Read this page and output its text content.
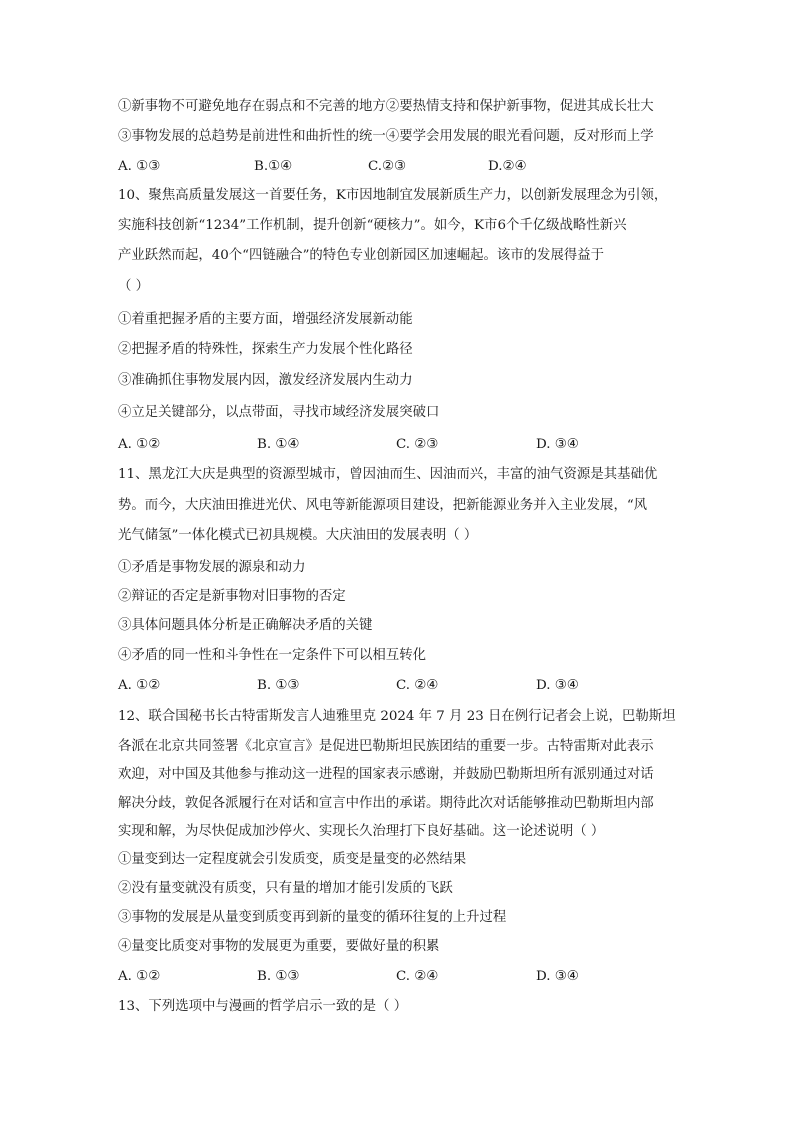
①新事物不可避免地存在弱点和不完善的地方②要热情支持和保护新事物，促进其成长壮大
③事物发展的总趋势是前进性和曲折性的统一④要学会用发展的眼光看问题，反对形而上学
A. ①③	B.①④	C.②③	D.②④
10、聚焦高质量发展这一首要任务，K市因地制宜发展新质生产力，以创新发展理念为引领，
实施科技创新“1234”工作机制，提升创新“硬核力”。如今，K市6个千亿级战略性新兴
产业跃然而起，40个“四链融合”的特色专业创新园区加速崛起。该市的发展得益于
（ ）
①着重把握矛盾的主要方面，增强经济发展新动能
②把握矛盾的特殊性，探索生产力发展个性化路径
③准确抓住事物发展内因，激发经济发展内生动力
④立足关键部分，以点带面，寻找市域经济发展突破口
A. ①②	B. ①④	C. ②③	D. ③④
11、黑龙江大庆是典型的资源型城市，曾因油而生、因油而兴，丰富的油气资源是其基础优
势。而今，大庆油田推进光伏、风电等新能源项目建设，把新能源业务并入主业发展，“风
光气储氢”一体化模式已初具规模。大庆油田的发展表明（ ）
①矛盾是事物发展的源泉和动力
②辩证的否定是新事物对旧事物的否定
③具体问题具体分析是正确解决矛盾的关键
④矛盾的同一性和斗争性在一定条件下可以相互转化
A. ①②	B. ①③	C. ②④	D. ③④
12、联合国秘书长古特雷斯发言人迪雅里克 2024 年 7 月 23 日在例行记者会上说，巴勒斯坦
各派在北京共同签署《北京宣言》是促进巴勒斯坦民族团结的重要一步。古特雷斯对此表示
欢迎，对中国及其他参与推动这一进程的国家表示感谢，并鼓励巴勒斯坦所有派别通过对话
解决分歧，敦促各派履行在对话和宣言中作出的承诺。期待此次对话能够推动巴勒斯坦内部
实现和解，为尽快促成加沙停火、实现长久治理打下良好基础。这一论述说明（ ）
①量变到达一定程度就会引发质变，质变是量变的必然结果
②没有量变就没有质变，只有量的增加才能引发质的飞跃
③事物的发展是从量变到质变再到新的量变的循环往复的上升过程
④量变比质变对事物的发展更为重要，要做好量的积累
A. ①②	B. ①③	C. ②④	D. ③④
13、下列选项中与漫画的哲学启示一致的是（ ）
